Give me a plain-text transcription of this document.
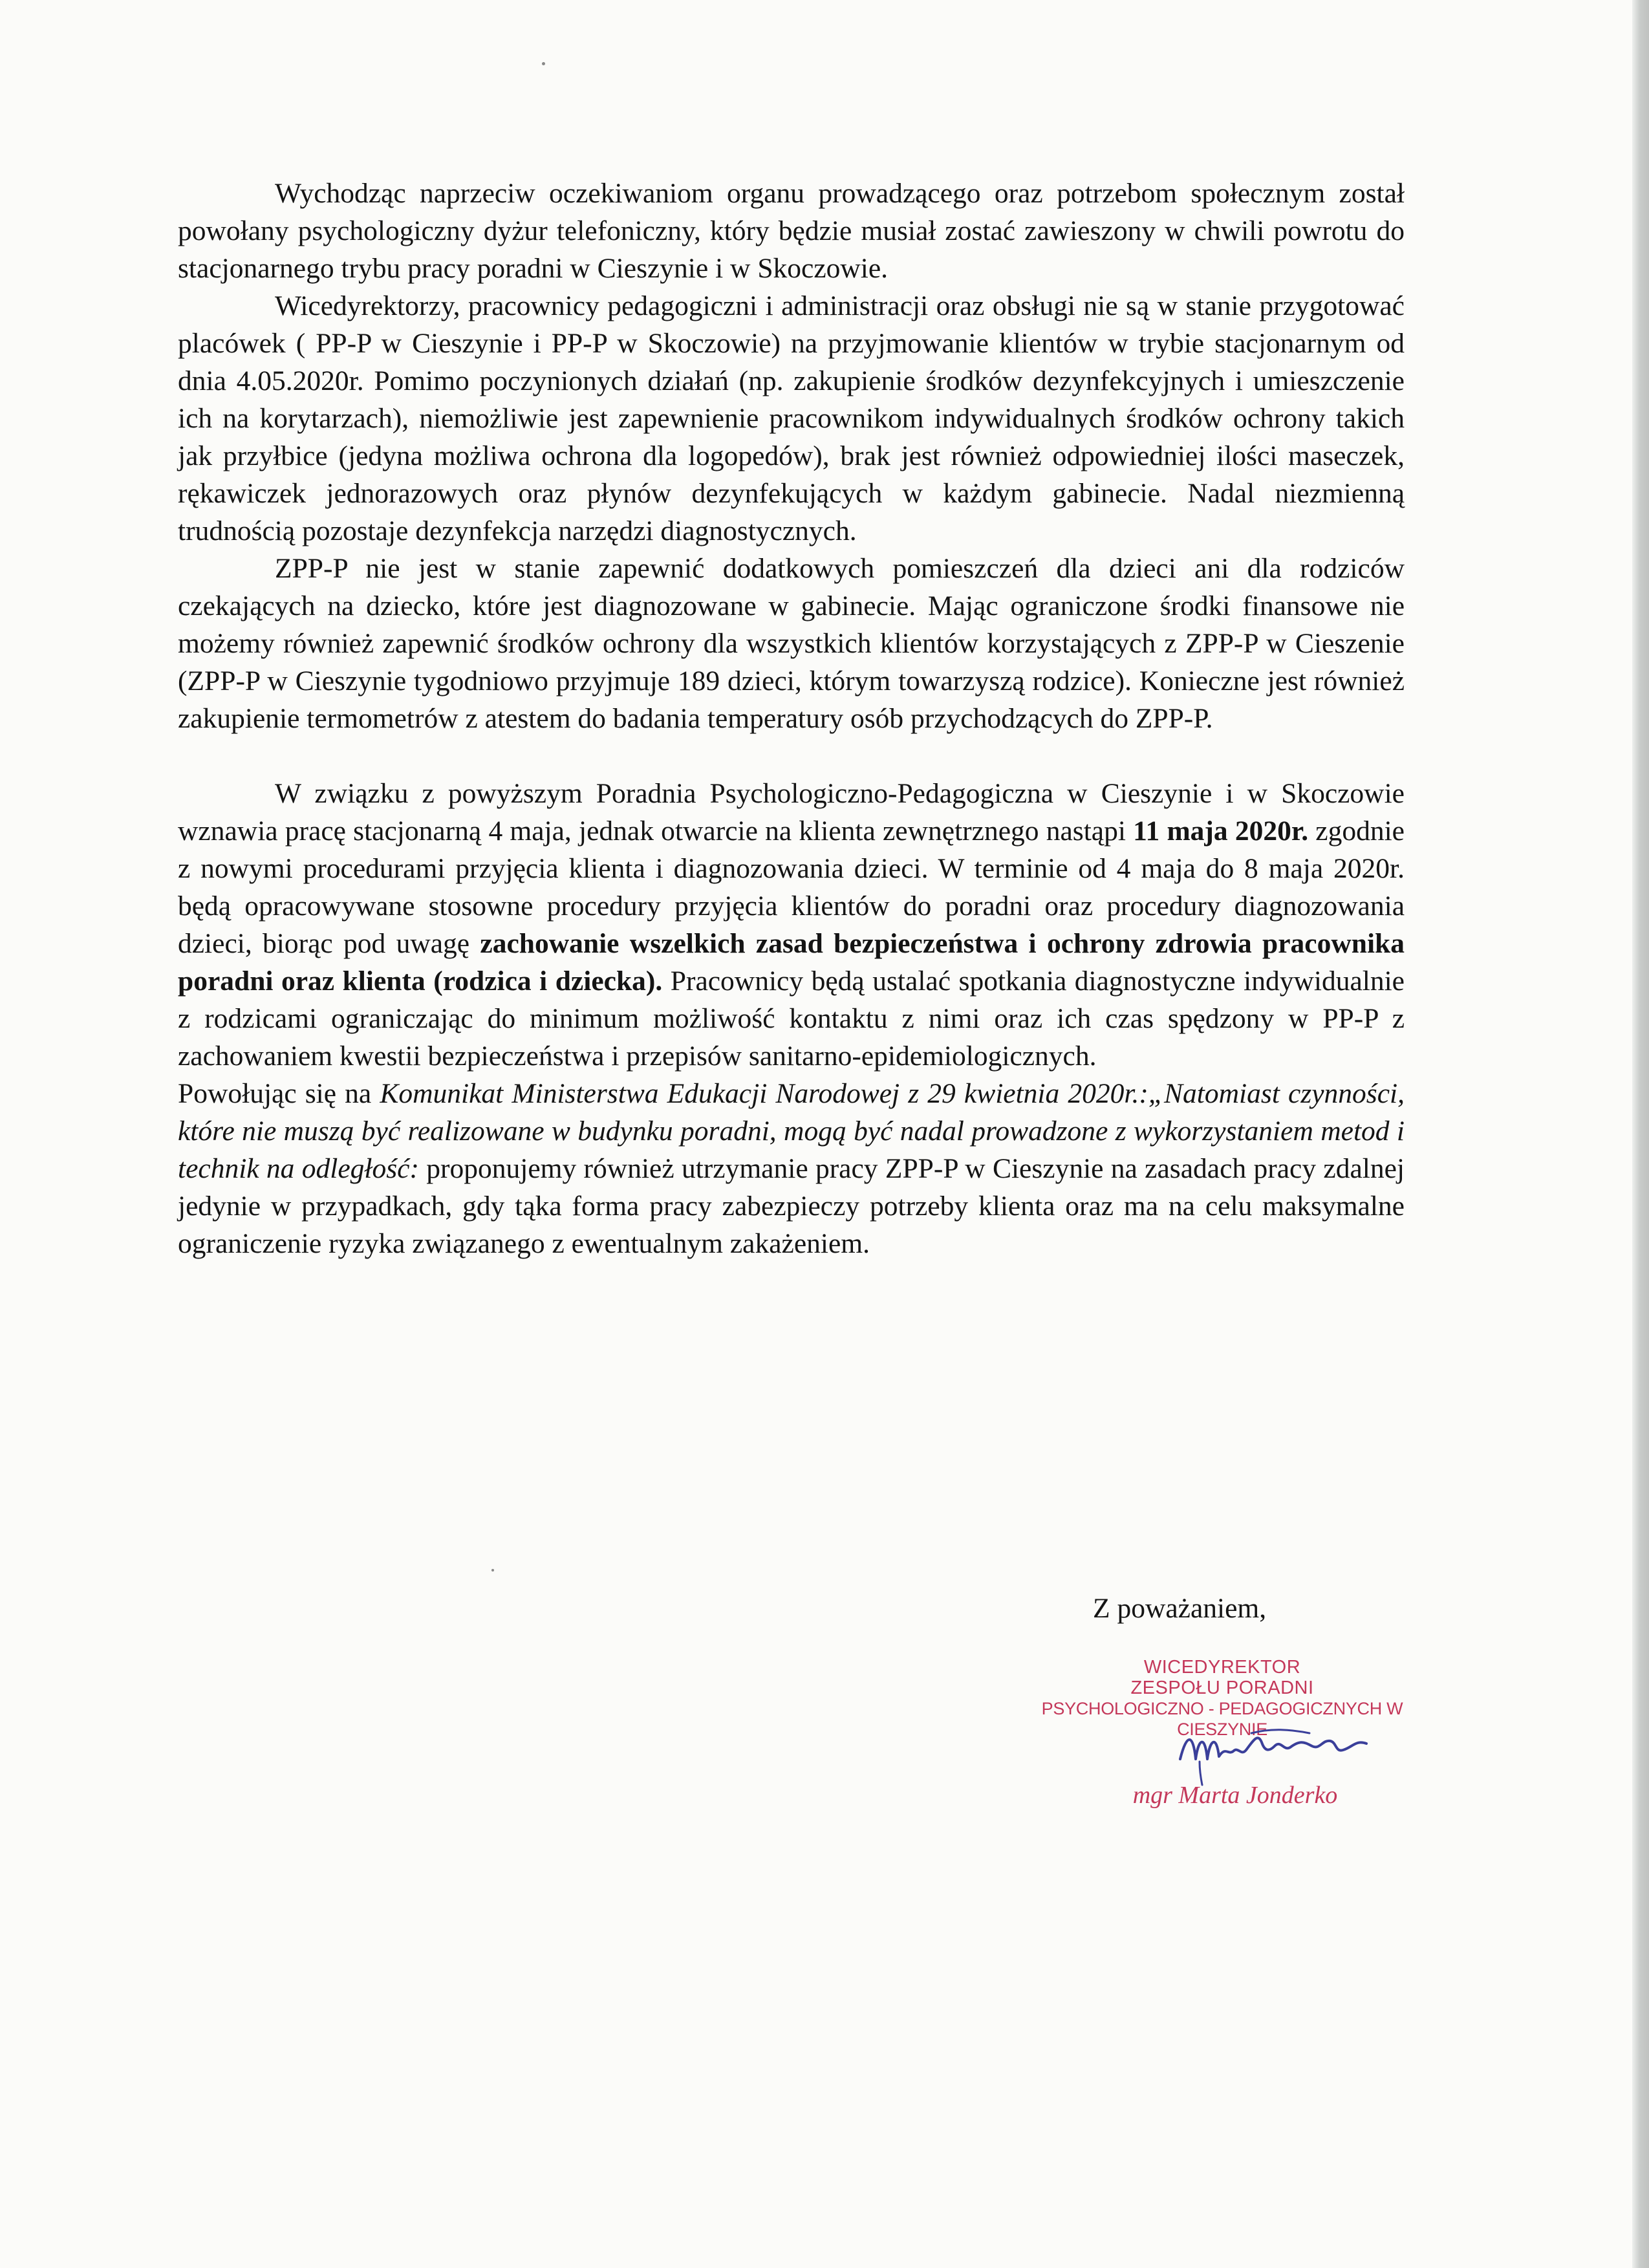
Wychodząc naprzeciw oczekiwaniom organu prowadzącego oraz potrzebom społecznym został powołany psychologiczny dyżur telefoniczny, który będzie musiał zostać zawieszony w chwili powrotu do stacjonarnego trybu pracy poradni w Cieszynie i w Skoczowie.

Wicedyrektorzy, pracownicy pedagogiczni i administracji oraz obsługi nie są w stanie przygotować placówek ( PP-P w Cieszynie i PP-P w Skoczowie) na przyjmowanie klientów w trybie stacjonarnym od dnia 4.05.2020r. Pomimo poczynionych działań (np. zakupienie środków dezynfekcyjnych i umieszczenie ich na korytarzach), niemożliwie jest zapewnienie pracownikom indywidualnych środków ochrony takich jak przyłbice (jedyna możliwa ochrona dla logopedów), brak jest również odpowiedniej ilości maseczek, rękawiczek jednorazowych oraz płynów dezynfekujących w każdym gabinecie. Nadal niezmienną trudnością pozostaje dezynfekcja narzędzi diagnostycznych.

ZPP-P nie jest w stanie zapewnić dodatkowych pomieszczeń dla dzieci ani dla rodziców czekających na dziecko, które jest diagnozowane w gabinecie. Mając ograniczone środki finansowe nie możemy również zapewnić środków ochrony dla wszystkich klientów korzystających z ZPP-P w Cieszenie (ZPP-P w Cieszynie tygodniowo przyjmuje 189 dzieci, którym towarzyszą rodzice). Konieczne jest również zakupienie termometrów z atestem do badania temperatury osób przychodzących do ZPP-P.

W związku z powyższym Poradnia Psychologiczno-Pedagogiczna w Cieszynie i w Skoczowie wznawia pracę stacjonarną 4 maja, jednak otwarcie na klienta zewnętrznego nastąpi 11 maja 2020r. zgodnie z nowymi procedurami przyjęcia klienta i diagnozowania dzieci. W terminie od 4 maja do 8 maja 2020r. będą opracowywane stosowne procedury przyjęcia klientów do poradni oraz procedury diagnozowania dzieci, biorąc pod uwagę zachowanie wszelkich zasad bezpieczeństwa i ochrony zdrowia pracownika poradni oraz klienta (rodzica i dziecka). Pracownicy będą ustalać spotkania diagnostyczne indywidualnie z rodzicami ograniczając do minimum możliwość kontaktu z nimi oraz ich czas spędzony w PP-P z zachowaniem kwestii bezpieczeństwa i przepisów sanitarno-epidemiologicznych.

Powołując się na Komunikat Ministerstwa Edukacji Narodowej z 29 kwietnia 2020r.:„Natomiast czynności, które nie muszą być realizowane w budynku poradni, mogą być nadal prowadzone z wykorzystaniem metod i technik na odległość: proponujemy również utrzymanie pracy ZPP-P w Cieszynie na zasadach pracy zdalnej jedynie w przypadkach, gdy tąka forma pracy zabezpieczy potrzeby klienta oraz ma na celu maksymalne ograniczenie ryzyka związanego z ewentualnym zakażeniem.

Z poważaniem,
WICEDYREKTOR
ZESPOŁU PORADNI
PSYCHOLOGICZNO - PEDAGOGICZNYCH W CIESZYNIE
mgr Marta Jonderko
